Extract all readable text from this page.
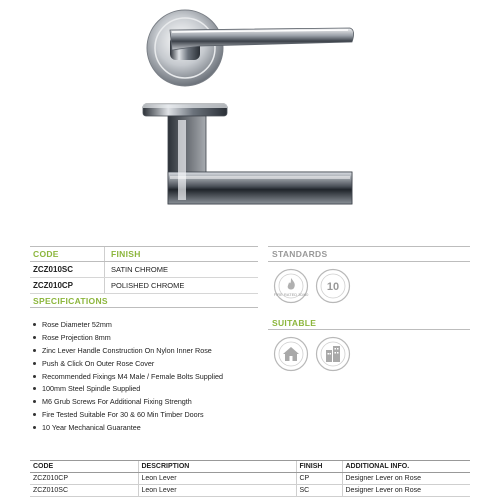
CODE	FINISH
ZCZ010SC	SATIN CHROME
ZCZ010CP	POLISHED CHROME
SPECIFICATIONS
Rose Diameter 52mm
Rose Projection 8mm
Zinc Lever Handle Construction On Nylon Inner Rose
Push & Click On Outer Rose Cover
Recommended Fixings M4 Male / Female Bolts Supplied
100mm Steel Spindle Supplied
M6 Grub Screws For Additional Fixing Strength
Fire Tested Suitable For 30 & 60 Min Timber Doors
10 Year Mechanical Guarantee
STANDARDS
FIRE RATED 30/60
10
SUITABLE
CODE	DESCRIPTION	FINISH	ADDITIONAL INFO.
ZCZ010CP	Leon Lever	CP	Designer Lever on Rose
ZCZ010SC	Leon Lever	SC	Designer Lever on Rose
